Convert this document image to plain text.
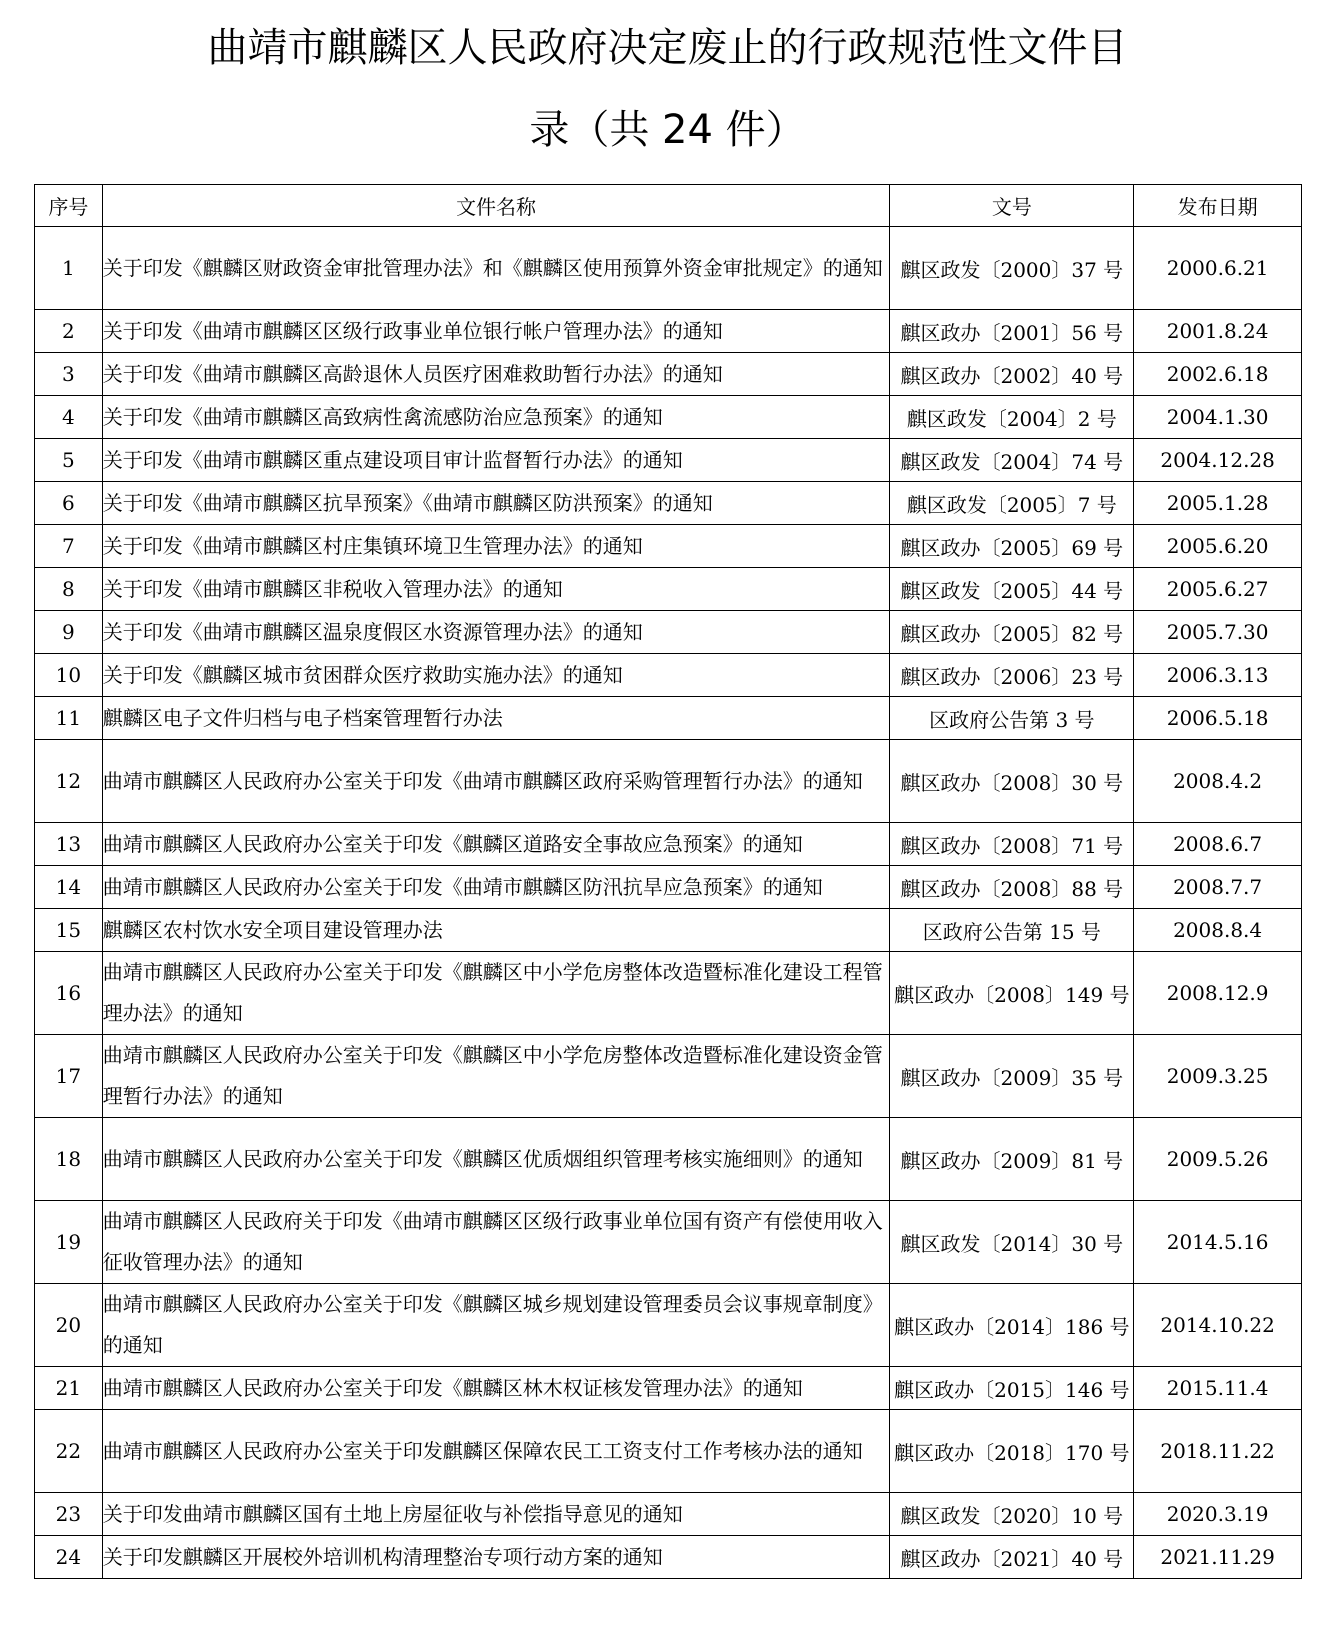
曲靖市麒麟区人民政府决定废止的行政规范性文件目
录（共 24 件）
序号	文件名称	文号	发布日期
1	关于印发《麒麟区财政资金审批管理办法》和《麒麟区使用预算外资金审批规定》的通知	麒区政发〔2000〕37 号	2000.6.21
2	关于印发《曲靖市麒麟区区级行政事业单位银行帐户管理办法》的通知	麒区政办〔2001〕56 号	2001.8.24
3	关于印发《曲靖市麒麟区高龄退休人员医疗困难救助暂行办法》的通知	麒区政办〔2002〕40 号	2002.6.18
4	关于印发《曲靖市麒麟区高致病性禽流感防治应急预案》的通知	麒区政发〔2004〕2 号	2004.1.30
5	关于印发《曲靖市麒麟区重点建设项目审计监督暂行办法》的通知	麒区政发〔2004〕74 号	2004.12.28
6	关于印发《曲靖市麒麟区抗旱预案》《曲靖市麒麟区防洪预案》的通知	麒区政发〔2005〕7 号	2005.1.28
7	关于印发《曲靖市麒麟区村庄集镇环境卫生管理办法》的通知	麒区政办〔2005〕69 号	2005.6.20
8	关于印发《曲靖市麒麟区非税收入管理办法》的通知	麒区政发〔2005〕44 号	2005.6.27
9	关于印发《曲靖市麒麟区温泉度假区水资源管理办法》的通知	麒区政办〔2005〕82 号	2005.7.30
10	关于印发《麒麟区城市贫困群众医疗救助实施办法》的通知	麒区政办〔2006〕23 号	2006.3.13
11	麒麟区电子文件归档与电子档案管理暂行办法	区政府公告第 3 号	2006.5.18
12	曲靖市麒麟区人民政府办公室关于印发《曲靖市麒麟区政府采购管理暂行办法》的通知	麒区政办〔2008〕30 号	2008.4.2
13	曲靖市麒麟区人民政府办公室关于印发《麒麟区道路安全事故应急预案》的通知	麒区政办〔2008〕71 号	2008.6.7
14	曲靖市麒麟区人民政府办公室关于印发《曲靖市麒麟区防汛抗旱应急预案》的通知	麒区政办〔2008〕88 号	2008.7.7
15	麒麟区农村饮水安全项目建设管理办法	区政府公告第 15 号	2008.8.4
16	曲靖市麒麟区人民政府办公室关于印发《麒麟区中小学危房整体改造暨标准化建设工程管理办法》的通知	麒区政办〔2008〕149 号	2008.12.9
17	曲靖市麒麟区人民政府办公室关于印发《麒麟区中小学危房整体改造暨标准化建设资金管理暂行办法》的通知	麒区政办〔2009〕35 号	2009.3.25
18	曲靖市麒麟区人民政府办公室关于印发《麒麟区优质烟组织管理考核实施细则》的通知	麒区政办〔2009〕81 号	2009.5.26
19	曲靖市麒麟区人民政府关于印发《曲靖市麒麟区区级行政事业单位国有资产有偿使用收入征收管理办法》的通知	麒区政发〔2014〕30 号	2014.5.16
20	曲靖市麒麟区人民政府办公室关于印发《麒麟区城乡规划建设管理委员会议事规章制度》的通知	麒区政办〔2014〕186 号	2014.10.22
21	曲靖市麒麟区人民政府办公室关于印发《麒麟区林木权证核发管理办法》的通知	麒区政办〔2015〕146 号	2015.11.4
22	曲靖市麒麟区人民政府办公室关于印发麒麟区保障农民工工资支付工作考核办法的通知	麒区政办〔2018〕170 号	2018.11.22
23	关于印发曲靖市麒麟区国有土地上房屋征收与补偿指导意见的通知	麒区政发〔2020〕10 号	2020.3.19
24	关于印发麒麟区开展校外培训机构清理整治专项行动方案的通知	麒区政办〔2021〕40 号	2021.11.29
